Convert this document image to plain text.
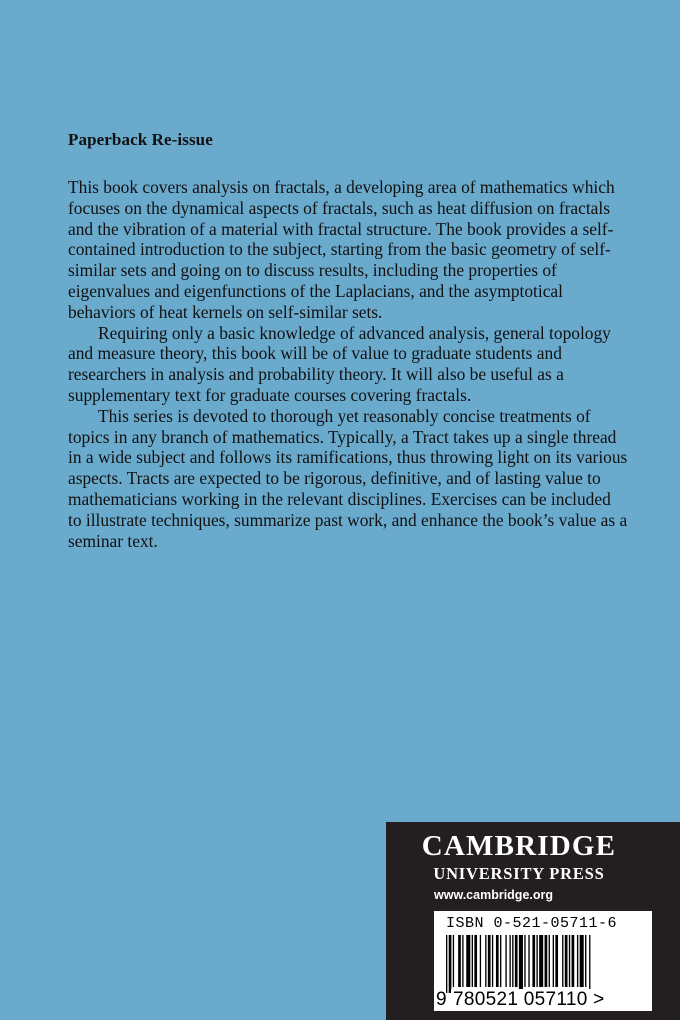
Paperback Re-issue

This book covers analysis on fractals, a developing area of mathematics which focuses on the dynamical aspects of fractals, such as heat diffusion on fractals and the vibration of a material with fractal structure. The book provides a self-contained introduction to the subject, starting from the basic geometry of self-similar sets and going on to discuss results, including the properties of eigenvalues and eigenfunctions of the Laplacians, and the asymptotical behaviors of heat kernels on self-similar sets.

Requiring only a basic knowledge of advanced analysis, general topology and measure theory, this book will be of value to graduate students and researchers in analysis and probability theory. It will also be useful as a supplementary text for graduate courses covering fractals.

This series is devoted to thorough yet reasonably concise treatments of topics in any branch of mathematics. Typically, a Tract takes up a single thread in a wide subject and follows its ramifications, thus throwing light on its various aspects. Tracts are expected to be rigorous, definitive, and of lasting value to mathematicians working in the relevant disciplines. Exercises can be included to illustrate techniques, summarize past work, and enhance the book’s value as a seminar text.

CAMBRIDGE
UNIVERSITY PRESS
www.cambridge.org
ISBN 0-521-05711-6
9 780521 057110 >
